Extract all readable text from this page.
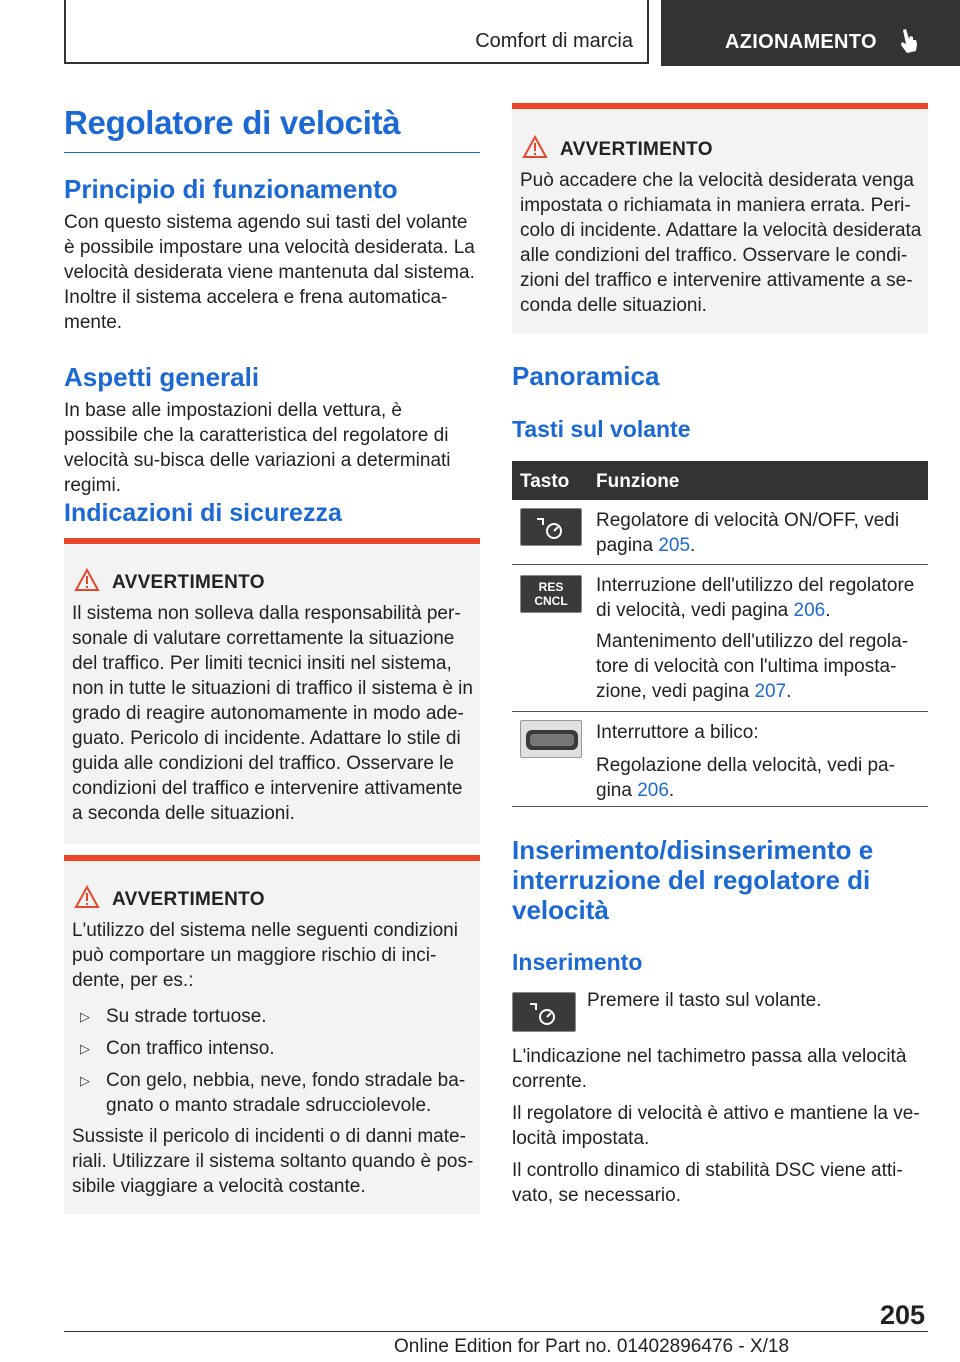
Comfort di marcia	AZIONAMENTO
Regolatore di velocità
Principio di funzionamento
Con questo sistema agendo sui tasti del volante è possibile impostare una velocità desiderata. La velocità desiderata viene mantenuta dal sistema. Inoltre il sistema accelera e frena automatica-mente.
Aspetti generali
In base alle impostazioni della vettura, è possibile che la caratteristica del regolatore di velocità su-bisca delle variazioni a determinati regimi.
Indicazioni di sicurezza
AVVERTIMENTO
Il sistema non solleva dalla responsabilità per-sonale di valutare correttamente la situazione del traffico. Per limiti tecnici insiti nel sistema, non in tutte le situazioni di traffico il sistema è in grado di reagire autonomamente in modo ade-guato. Pericolo di incidente. Adattare lo stile di guida alle condizioni del traffico. Osservare le condizioni del traffico e intervenire attivamente a seconda delle situazioni.
AVVERTIMENTO
L'utilizzo del sistema nelle seguenti condizioni può comportare un maggiore rischio di inci-dente, per es.:
▷ Su strade tortuose.
▷ Con traffico intenso.
▷ Con gelo, nebbia, neve, fondo stradale ba-gnato o manto stradale sdrucciolevole.
Sussiste il pericolo di incidenti o di danni mate-riali. Utilizzare il sistema soltanto quando è pos-sibile viaggiare a velocità costante.
AVVERTIMENTO
Può accadere che la velocità desiderata venga impostata o richiamata in maniera errata. Peri-colo di incidente. Adattare la velocità desiderata alle condizioni del traffico. Osservare le condi-zioni del traffico e intervenire attivamente a se-conda delle situazioni.
Panoramica
Tasti sul volante
Tasto Funzione
Regolatore di velocità ON/OFF, vedi pagina 205.
RES CNCL
Interruzione dell'utilizzo del regolatore di velocità, vedi pagina 206.
Mantenimento dell'utilizzo del regola-tore di velocità con l'ultima imposta-zione, vedi pagina 207.
Interruttore a bilico:
Regolazione della velocità, vedi pa-gina 206.
Inserimento/disinserimento e interruzione del regolatore di velocità
Inserimento
Premere il tasto sul volante.
L'indicazione nel tachimetro passa alla velocità corrente.
Il regolatore di velocità è attivo e mantiene la ve-locità impostata.
Il controllo dinamico di stabilità DSC viene atti-vato, se necessario.
205
Online Edition for Part no. 01402896476 - X/18
